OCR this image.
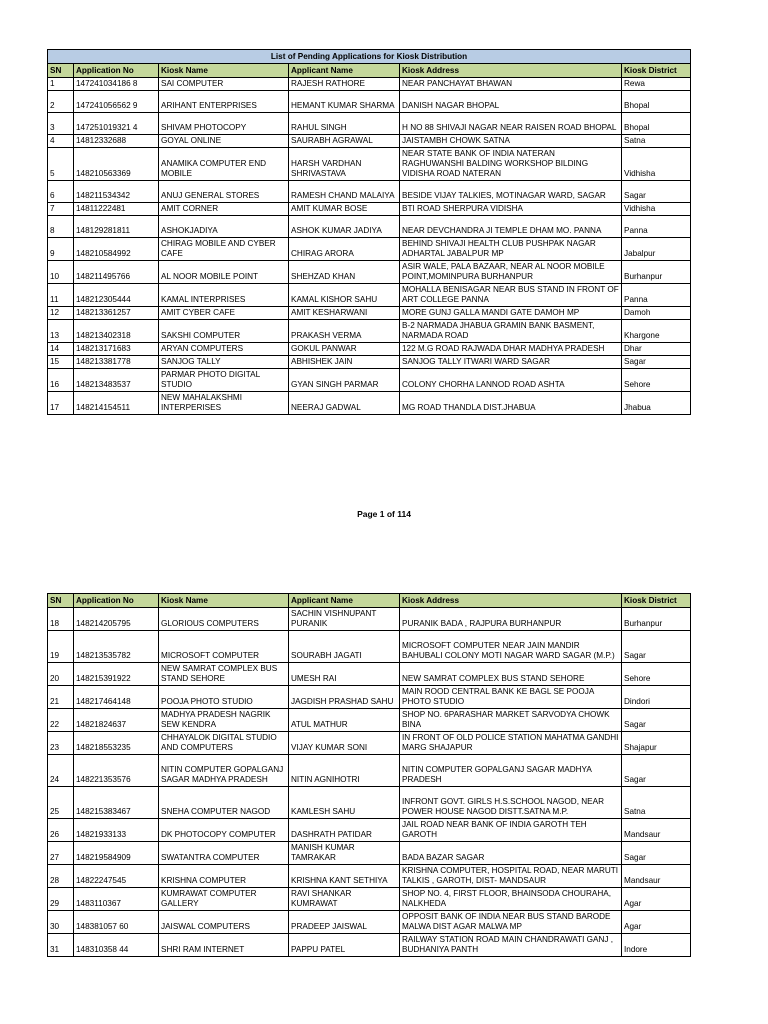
List of Pending Applications for Kiosk Distribution					
SN	Application No	Kiosk Name	Applicant Name	Kiosk Address	Kiosk District
1	147241034186 8	SAI COMPUTER	RAJESH RATHORE	NEAR PANCHAYAT BHAWAN	Rewa
2	147241056562 9	ARIHANT ENTERPRISES	HEMANT KUMAR SHARMA	DANISH NAGAR BHOPAL	Bhopal
3	147251019321 4	SHIVAM PHOTOCOPY	RAHUL SINGH	H NO 88 SHIVAJI NAGAR NEAR RAISEN ROAD BHOPAL	Bhopal
4	14812332688	GOYAL ONLINE	SAURABH AGRAWAL	JAISTAMBH CHOWK SATNA	Satna
5	148210563369	ANAMIKA COMPUTER END MOBILE	HARSH VARDHAN SHRIVASTAVA	NEAR STATE BANK OF INDIA NATERAN RAGHUWANSHI BALDING WORKSHOP BILDING VIDISHA ROAD NATERAN	Vidhisha
6	148211534342	ANUJ GENERAL STORES	RAMESH CHAND MALAIYA	BESIDE VIJAY TALKIES, MOTINAGAR WARD, SAGAR	Sagar
7	14811222481	AMIT CORNER	AMIT KUMAR BOSE	BTI ROAD SHERPURA VIDISHA	Vidhisha
8	148129281811	ASHOKJADIYA	ASHOK KUMAR JADIYA	NEAR DEVCHANDRA JI TEMPLE DHAM MO. PANNA	Panna
9	148210584992	CHIRAG MOBILE AND CYBER CAFE	CHIRAG ARORA	BEHIND SHIVAJI HEALTH CLUB PUSHPAK NAGAR ADHARTAL JABALPUR MP	Jabalpur
10	148211495766	AL NOOR MOBILE POINT	SHEHZAD KHAN	ASIR WALE, PALA BAZAAR, NEAR AL NOOR MOBILE POINT,MOMINPURA BURHANPUR	Burhanpur
11	148212305444	KAMAL INTERPRISES	KAMAL KISHOR SAHU	MOHALLA BENISAGAR NEAR BUS STAND IN FRONT OF ART COLLEGE PANNA	Panna
12	148213361257	AMIT CYBER CAFE	AMIT KESHARWANI	MORE GUNJ GALLA MANDI GATE DAMOH MP	Damoh
13	148213402318	SAKSHI COMPUTER	PRAKASH VERMA	B-2 NARMADA JHABUA GRAMIN BANK BASMENT, NARMADA ROAD	Khargone
14	148213171683	ARYAN COMPUTERS	GOKUL PANWAR	122 M.G ROAD RAJWADA DHAR MADHYA PRADESH	Dhar
15	148213381778	SANJOG TALLY	ABHISHEK JAIN	SANJOG TALLY ITWARI WARD SAGAR	Sagar
16	148213483537	PARMAR PHOTO DIGITAL STUDIO	GYAN SINGH PARMAR	COLONY CHORHA LANNOD ROAD ASHTA	Sehore
17	148214154511	NEW MAHALAKSHMI INTERPERISES	NEERAJ GADWAL	MG ROAD THANDLA DIST.JHABUA	Jhabua
Page 1 of 114
SN	Application No	Kiosk Name	Applicant Name	Kiosk Address	Kiosk District
18	148214205795	GLORIOUS COMPUTERS	SACHIN VISHNUPANT PURANIK	PURANIK BADA , RAJPURA BURHANPUR	Burhanpur
19	148213535782	MICROSOFT COMPUTER	SOURABH JAGATI	MICROSOFT COMPUTER NEAR JAIN MANDIR BAHUBALI COLONY MOTI NAGAR WARD SAGAR (M.P.)	Sagar
20	148215391922	NEW SAMRAT COMPLEX BUS STAND SEHORE	UMESH RAI	NEW SAMRAT COMPLEX BUS STAND SEHORE	Sehore
21	148217464148	POOJA PHOTO STUDIO	JAGDISH PRASHAD SAHU	MAIN ROOD CENTRAL BANK KE BAGL SE POOJA PHOTO STUDIO	Dindori
22	14821824637	MADHYA PRADESH NAGRIK SEW KENDRA	ATUL MATHUR	SHOP NO. 6PARASHAR MARKET SARVODYA CHOWK BINA	Sagar
23	148218553235	CHHAYALOK DIGITAL STUDIO AND COMPUTERS	VIJAY KUMAR SONI	IN FRONT OF OLD POLICE STATION MAHATMA GANDHI MARG SHAJAPUR	Shajapur
24	148221353576	NITIN COMPUTER GOPALGANJ SAGAR MADHYA PRADESH	NITIN AGNIHOTRI	NITIN COMPUTER GOPALGANJ SAGAR MADHYA PRADESH	Sagar
25	148215383467	SNEHA COMPUTER NAGOD	KAMLESH SAHU	INFRONT GOVT. GIRLS H.S.SCHOOL NAGOD, NEAR POWER HOUSE NAGOD DISTT.SATNA M.P.	Satna
26	14821933133	DK PHOTOCOPY COMPUTER	DASHRATH PATIDAR	JAIL ROAD NEAR BANK OF INDIA GAROTH TEH GAROTH	Mandsaur
27	148219584909	SWATANTRA COMPUTER	MANISH KUMAR TAMRAKAR	BADA BAZAR SAGAR	Sagar
28	14822247545	KRISHNA COMPUTER	KRISHNA KANT SETHIYA	KRISHNA COMPUTER, HOSPITAL ROAD, NEAR MARUTI TALKIS , GAROTH, DIST- MANDSAUR	Mandsaur
29	1483110367	KUMRAWAT COMPUTER GALLERY	RAVI SHANKAR KUMRAWAT	SHOP NO. 4, FIRST FLOOR, BHAINSODA CHOURAHA, NALKHEDA	Agar
30	148381057 60	JAISWAL COMPUTERS	PRADEEP JAISWAL	OPPOSIT BANK OF INDIA NEAR BUS STAND BARODE MALWA DIST AGAR MALWA MP	Agar
31	148310358 44	SHRI RAM INTERNET	PAPPU PATEL	RAILWAY STATION ROAD MAIN CHANDRAWATI GANJ , BUDHANIYA PANTH	Indore
